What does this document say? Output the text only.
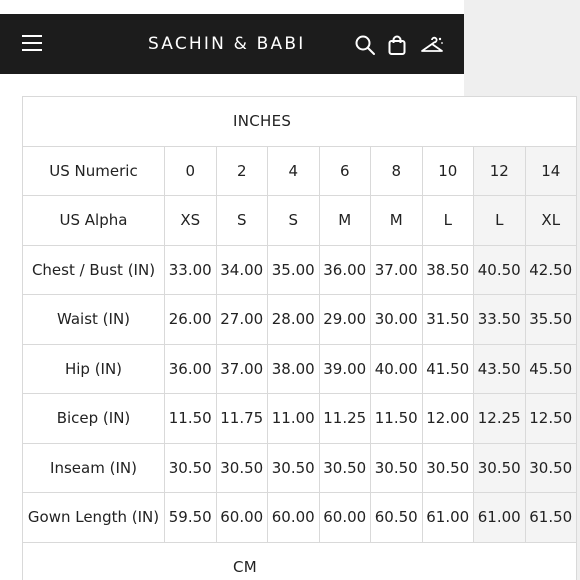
SACHIN & BABI
INCHES								
US Numeric	0	2	4	6	8	10	12	14
US Alpha	XS	S	S	M	M	L	L	XL
Chest / Bust (IN)	33.00	34.00	35.00	36.00	37.00	38.50	40.50	42.50
Waist (IN)	26.00	27.00	28.00	29.00	30.00	31.50	33.50	35.50
Hip (IN)	36.00	37.00	38.00	39.00	40.00	41.50	43.50	45.50
Bicep (IN)	11.50	11.75	11.00	11.25	11.50	12.00	12.25	12.50
Inseam (IN)	30.50	30.50	30.50	30.50	30.50	30.50	30.50	30.50
Gown Length (IN)	59.50	60.00	60.00	60.00	60.50	61.00	61.00	61.50
CM								
